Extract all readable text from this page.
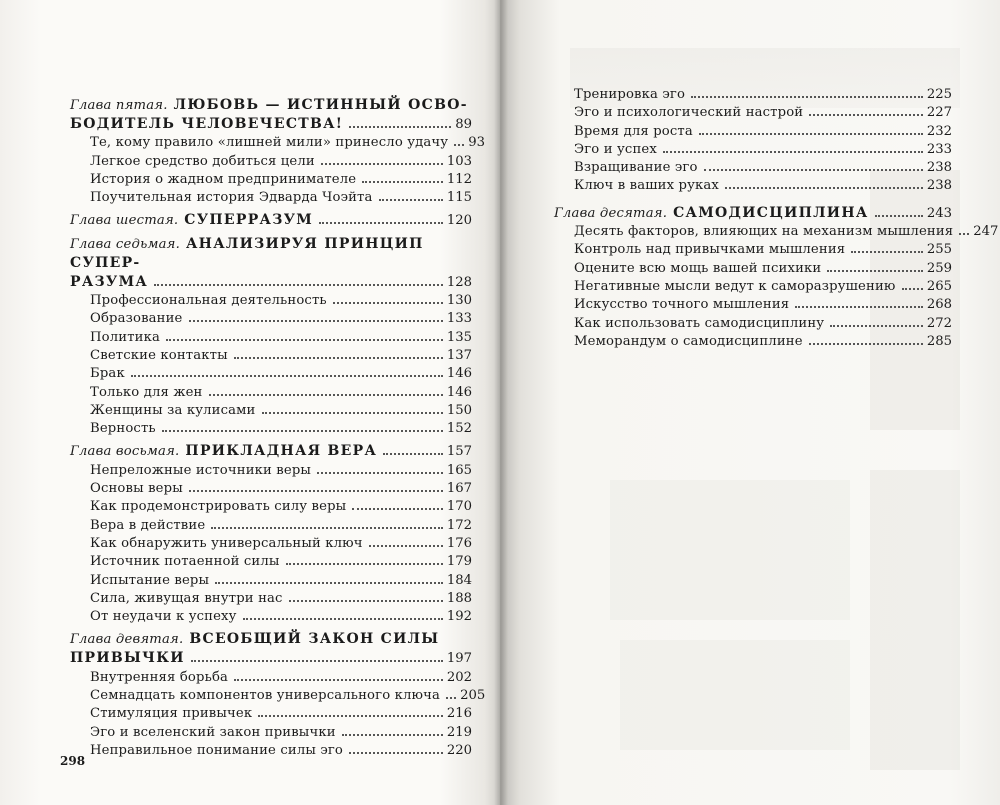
Глава пятая. ЛЮБОВЬ — ИСТИННЫЙ ОСВО-
БОДИТЕЛЬ ЧЕЛОВЕЧЕСТВА!	89
Те, кому правило «лишней мили» принесло удачу 93
Легкое средство добиться цели	103
История о жадном предпринимателе	112
Поучительная история Эдварда Чоэйта	115
Глава шестая. СУПЕРРАЗУМ	120
Глава седьмая. АНАЛИЗИРУЯ ПРИНЦИП СУПЕР-
РАЗУМА	128
Профессиональная деятельность	130
Образование	133
Политика	135
Светские контакты	137
Брак	146
Только для жен	146
Женщины за кулисами	150
Верность	152
Глава восьмая. ПРИКЛАДНАЯ ВЕРА	157
Непреложные источники веры	165
Основы веры	167
Как продемонстрировать силу веры	170
Вера в действие	172
Как обнаружить универсальный ключ	176
Источник потаенной силы	179
Испытание веры	184
Сила, живущая внутри нас	188
От неудачи к успеху	192
Глава девятая. ВСЕОБЩИЙ ЗАКОН СИЛЫ
ПРИВЫЧКИ	197
Внутренняя борьба	202
Семнадцать компонентов универсального ключа 205
Стимуляция привычек	216
Эго и вселенский закон привычки	219
Неправильное понимание силы эго	220
Тренировка эго	225
Эго и психологический настрой	227
Время для роста	232
Эго и успех	233
Взращивание эго	238
Ключ в ваших руках	238
Глава десятая. САМОДИСЦИПЛИНА	243
Десять факторов, влияющих на механизм мышления 247
Контроль над привычками мышления	255
Оцените всю мощь вашей психики	259
Негативные мысли ведут к саморазрушению 265
Искусство точного мышления	268
Как использовать самодисциплину	272
Меморандум о самодисциплине	285
298
